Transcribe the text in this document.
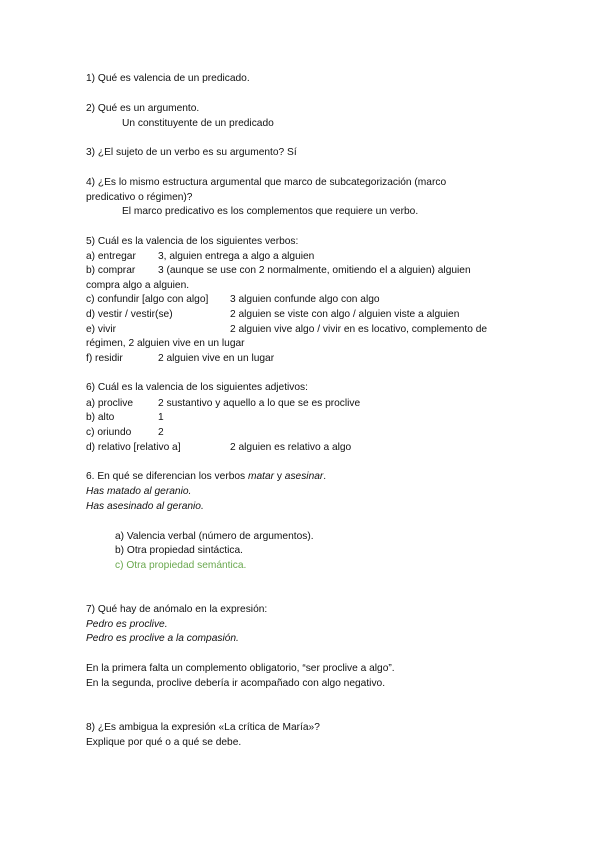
1) Qué es valencia de un predicado.
2) Qué es un argumento.
Un constituyente de un predicado
3) ¿El sujeto de un verbo es su argumento? Sí
4) ¿Es lo mismo estructura argumental que marco de subcategorización (marco
predicativo o régimen)?
El marco predicativo es los complementos que requiere un verbo.
5) Cuál es la valencia de los siguientes verbos:
a) entregar 3, alguien entrega a algo a alguien
b) comprar 3 (aunque se use con 2 normalmente, omitiendo el a alguien) alguien
compra algo a alguien.
c) confundir [algo con algo] 3 alguien confunde algo con algo
d) vestir / vestir(se)	2 alguien se viste con algo / alguien viste a alguien
e) vivir	2 alguien vive algo / vivir en es locativo, complemento de
régimen, 2 alguien vive en un lugar
f) residir	2 alguien vive en un lugar
6) Cuál es la valencia de los siguientes adjetivos:
a) proclive 2 sustantivo y aquello a lo que se es proclive
b) alto	1
c) oriundo	2
d) relativo [relativo a]	2 alguien es relativo a algo
6. En qué se diferencian los verbos matar y asesinar.
Has matado al geranio.
Has asesinado al geranio.
a) Valencia verbal (número de argumentos).
b) Otra propiedad sintáctica.
c) Otra propiedad semántica.
7) Qué hay de anómalo en la expresión:
Pedro es proclive.
Pedro es proclive a la compasión.
En la primera falta un complemento obligatorio, “ser proclive a algo”.
En la segunda, proclive debería ir acompañado con algo negativo.
8) ¿Es ambigua la expresión «La crítica de María»?
Explique por qué o a qué se debe.
